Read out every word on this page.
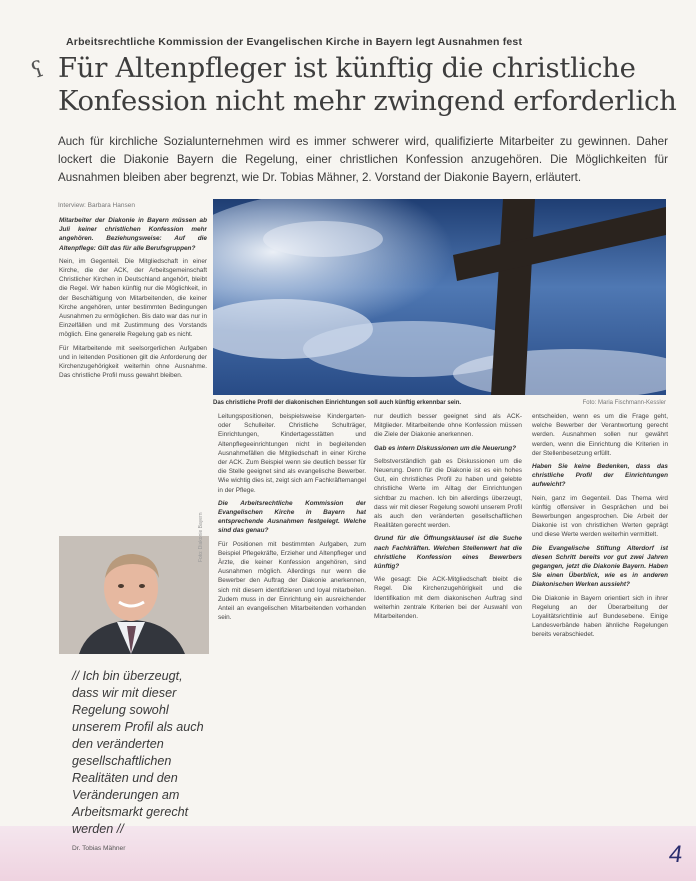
Arbeitsrechtliche Kommission der Evangelischen Kirche in Bayern legt Ausnahmen fest
ʕ Für Altenpfleger ist künftig die christliche Konfession nicht mehr zwingend erforderlich
Auch für kirchliche Sozialunternehmen wird es immer schwerer wird, qualifizierte Mitarbeiter zu gewinnen. Daher lockert die Diakonie Bayern die Regelung, einer christlichen Konfession anzugehören. Die Möglichkeiten für Ausnahmen bleiben aber begrenzt, wie Dr. Tobias Mähner, 2. Vorstand der Diakonie Bayern, erläutert.
Interview: Barbara Hansen

Mitarbeiter der Diakonie in Bayern müssen ab Juli keiner christlichen Konfession mehr angehören. Beziehungsweise: Auf die Altenpflege: Gilt das für alle Berufsgruppen?

Nein, im Gegenteil. Die Mitgliedschaft in einer Kirche, die der ACK, der Arbeitsgemeinschaft Christlicher Kirchen in Deutschland angehört, bleibt die Regel. Wir haben künftig nur die Möglichkeit, in der Beschäftigung von Mitarbeitenden, die keiner Kirche angehören, unter bestimmten Bedingungen Ausnahmen zu ermöglichen. Bis dato war das nur in Einzelfällen und mit Zustimmung des Vorstands möglich. Eine generelle Regelung gab es nicht.

Für Mitarbeitende mit seelsorgerlichen Aufgaben und in leitenden Positionen gilt die Anforderung der Kirchenzugehörigkeit weiterhin ohne Ausnahme. Das christliche Profil muss gewahrt bleiben.

Das christliche Profil der diakonischen Einrichtungen soll auch künftig erkennbar sein.	Foto: Maria Fischmann-Kessler

Leitungspositionen, beispielsweise Kindergarten- oder Schulleiter. Christliche Schulträger, Einrichtungen, Kindertagesstätten und Altenpflegeeinrichtungen nicht in begleitenden Ausnahmefällen die Mitgliedschaft in einer Kirche der ACK. Zum Beispiel wenn sie deutlich besser für die Stelle geeignet sind als evangelische Bewerber. Wie wichtig dies ist, zeigt sich am Fachkräftemangel in der Pflege.

Die Arbeitsrechtliche Kommission der Evangelischen Kirche in Bayern hat entsprechende Ausnahmen festgelegt. Welche sind das genau?

Für Positionen mit bestimmten Aufgaben, zum Beispiel Pflegekräfte, Erzieher und Altenpfleger und Ärzte, die keiner Konfession angehören, sind Ausnahmen möglich. Allerdings nur wenn die Bewerber den Auftrag der Diakonie anerkennen, sich mit diesem identifizieren und loyal mitarbeiten. Zudem muss in der Einrichtung ein ausreichender Anteil an evangelischen Mitarbeitenden vorhanden sein.

nur deutlich besser geeignet sind als ACK-Mitglieder. Mitarbeitende ohne Konfession müssen die Ziele der Diakonie anerkennen.

Gab es intern Diskussionen um die Neuerung?

Selbstverständlich gab es Diskussionen um die Neuerung. Denn für die Diakonie ist es ein hohes Gut, ein christliches Profil zu haben und gelebte christliche Werte im Alltag der Einrichtungen sichtbar zu machen. Ich bin allerdings überzeugt, dass wir mit dieser Regelung sowohl unserem Profil als auch den veränderten gesellschaftlichen Realitäten gerecht werden.

Grund für die Öffnungsklausel ist die Suche nach Fachkräften. Welchen Stellenwert hat die christliche Konfession eines Bewerbers künftig?

Wie gesagt: Die ACK-Mitgliedschaft bleibt die Regel. Die Kirchenzugehörigkeit und die Identifikation mit dem diakonischen Auftrag sind weiterhin zentrale Kriterien bei der Auswahl von Mitarbeitenden.

entscheiden, wenn es um die Frage geht, welche Bewerber der Verantwortung gerecht werden. Ausnahmen sollen nur gewährt werden, wenn die Einrichtung die Kriterien in der Stellenbesetzung erfüllt.

Haben Sie keine Bedenken, dass das christliche Profil der Einrichtungen aufweicht?

Nein, ganz im Gegenteil. Das Thema wird künftig offensiver in Gesprächen und bei Bewerbungen angesprochen. Die Arbeit der Diakonie ist von christlichen Werten geprägt und diese Werte werden weiterhin vermittelt.

Die Evangelische Stiftung Alterdorf ist diesen Schritt bereits vor gut zwei Jahren gegangen, jetzt die Diakonie Bayern. Haben Sie einen Überblick, wie es in anderen Diakonischen Werken aussieht?

Die Diakonie in Bayern orientiert sich in ihrer Regelung an der Überarbeitung der Loyalitätsrichtlinie auf Bundesebene. Einige Landesverbände haben ähnliche Regelungen bereits verabschiedet.

Foto: Diakonie Bayern
// Ich bin überzeugt, dass wir mit dieser Regelung sowohl unserem Profil als auch den veränderten gesellschaftlichen Realitäten und den Veränderungen am Arbeitsmarkt gerecht werden //
Dr. Tobias Mähner	4
